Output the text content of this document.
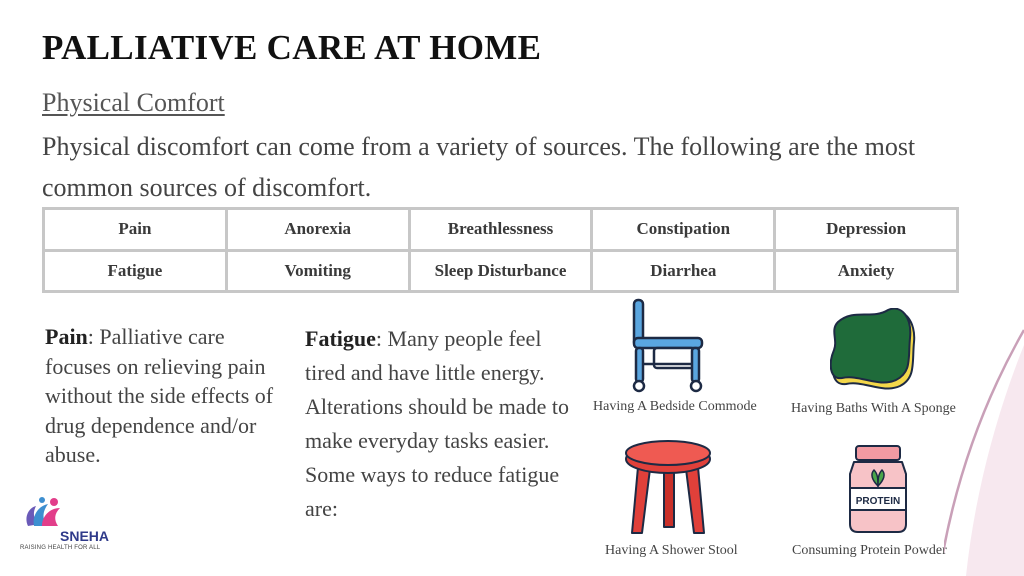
PALLIATIVE CARE AT HOME
Physical Comfort
Physical discomfort can come from a variety of sources. The following are the most common sources of discomfort.
Pain	Anorexia	Breathlessness	Constipation	Depression
Fatigue	Vomiting	Sleep Disturbance	Diarrhea	Anxiety
Pain: Palliative care focuses on relieving pain without the side effects of drug dependence and/or abuse.
Fatigue: Many people feel tired and have little energy. Alterations should be made to make everyday tasks easier. Some ways to reduce fatigue are:
Having A Bedside Commode Having Baths With A Sponge
Having A Shower Stool
PROTEIN
Consuming Protein Powder
SNEHA
RAISING HEALTH FOR ALL
